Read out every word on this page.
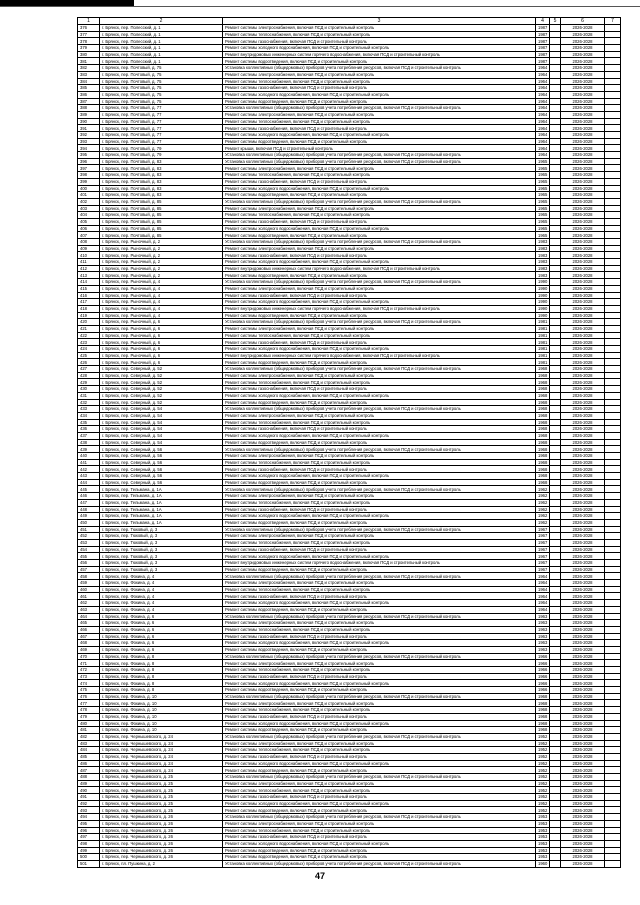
1	2	3	4	5	6	7
376	г. Брянск, пер. Полесский, д. 1	Ремонт системы электроснабжения, включая ПСД и строительный контроль	1987		2026-2028	
377	г. Брянск, пер. Полесский, д. 1	Ремонт системы теплоснабжения, включая ПСД и строительный контроль	1987		2026-2028	
378	г. Брянск, пер. Полесский, д. 1	Ремонт системы газоснабжения, включая ПСД и строительный контроль	1987		2026-2028	
379	г. Брянск, пер. Полесский, д. 1	Ремонт системы холодного водоснабжения, включая ПСД и строительный контроль	1987		2026-2028	
380	г. Брянск, пер. Полесский, д. 1	Ремонт внутридомовых инженерных систем горячего водоснабжения, включая ПСД и строительный контроль	1987		2026-2028	
381	г. Брянск, пер. Полесский, д. 1	Ремонт системы водоотведения, включая ПСД и строительный контроль	1987		2026-2028	
382	г. Брянск, пер. Почтовый, д. 75	Установка коллективных (общедомовых) приборов учета потребления ресурсов, включая ПСД и строительный контроль	1964		2026-2028	
383	г. Брянск, пер. Почтовый, д. 75	Ремонт системы электроснабжения, включая ПСД и строительный контроль	1964		2026-2028	
384	г. Брянск, пер. Почтовый, д. 75	Ремонт системы теплоснабжения, включая ПСД и строительный контроль	1964		2026-2028	
385	г. Брянск, пер. Почтовый, д. 75	Ремонт системы газоснабжения, включая ПСД и строительный контроль	1964		2026-2028	
386	г. Брянск, пер. Почтовый, д. 75	Ремонт системы холодного водоснабжения, включая ПСД и строительный контроль	1964		2026-2028	
387	г. Брянск, пер. Почтовый, д. 75	Ремонт системы водоотведения, включая ПСД и строительный контроль	1964		2026-2028	
388	г. Брянск, пер. Почтовый, д. 77	Установка коллективных (общедомовых) приборов учета потребления ресурсов, включая ПСД и строительный контроль	1964		2026-2028	
389	г. Брянск, пер. Почтовый, д. 77	Ремонт системы электроснабжения, включая ПСД и строительный контроль	1964		2026-2028	
390	г. Брянск, пер. Почтовый, д. 77	Ремонт системы теплоснабжения, включая ПСД и строительный контроль	1964		2026-2028	
391	г. Брянск, пер. Почтовый, д. 77	Ремонт системы газоснабжения, включая ПСД и строительный контроль	1964		2026-2028	
392	г. Брянск, пер. Почтовый, д. 77	Ремонт системы холодного водоснабжения, включая ПСД и строительный контроль	1964		2026-2028	
393	г. Брянск, пер. Почтовый, д. 77	Ремонт системы водоотведения, включая ПСД и строительный контроль	1964		2026-2028	
394	г. Брянск, пер. Почтовый, д. 79	Ремонт крыши, включая ПСД и строительный контроль	1964		2026-2028	
395	г. Брянск, пер. Почтовый, д. 79	Установка коллективных (общедомовых) приборов учета потребления ресурсов, включая ПСД и строительный контроль	1964		2026-2028	
396	г. Брянск, пер. Почтовый, д. 83	Установка коллективных (общедомовых) приборов учета потребления ресурсов, включая ПСД и строительный контроль	1965		2026-2028	
397	г. Брянск, пер. Почтовый, д. 83	Ремонт системы электроснабжения, включая ПСД и строительный контроль	1965		2026-2028	
398	г. Брянск, пер. Почтовый, д. 83	Ремонт системы теплоснабжения, включая ПСД и строительный контроль	1965		2026-2028	
399	г. Брянск, пер. Почтовый, д. 83	Ремонт системы газоснабжения, включая ПСД и строительный контроль	1965		2026-2028	
400	г. Брянск, пер. Почтовый, д. 83	Ремонт системы холодного водоснабжения, включая ПСД и строительный контроль	1965		2026-2028	
401	г. Брянск, пер. Почтовый, д. 83	Ремонт системы водоотведения, включая ПСД и строительный контроль	1965		2026-2028	
402	г. Брянск, пер. Почтовый, д. 85	Установка коллективных (общедомовых) приборов учета потребления ресурсов, включая ПСД и строительный контроль	1965		2026-2028	
403	г. Брянск, пер. Почтовый, д. 85	Ремонт системы электроснабжения, включая ПСД и строительный контроль	1965		2026-2028	
404	г. Брянск, пер. Почтовый, д. 85	Ремонт системы теплоснабжения, включая ПСД и строительный контроль	1965		2026-2028	
405	г. Брянск, пер. Почтовый, д. 85	Ремонт системы газоснабжения, включая ПСД и строительный контроль	1965		2026-2028	
406	г. Брянск, пер. Почтовый, д. 85	Ремонт системы холодного водоснабжения, включая ПСД и строительный контроль	1965		2026-2028	
407	г. Брянск, пер. Почтовый, д. 85	Ремонт системы водоотведения, включая ПСД и строительный контроль	1965		2026-2028	
408	г. Брянск, пер. Рыночный, д. 2	Установка коллективных (общедомовых) приборов учета потребления ресурсов, включая ПСД и строительный контроль	1983		2026-2028	
409	г. Брянск, пер. Рыночный, д. 2	Ремонт системы электроснабжения, включая ПСД и строительный контроль	1983		2026-2028	
410	г. Брянск, пер. Рыночный, д. 2	Ремонт системы газоснабжения, включая ПСД и строительный контроль	1983		2026-2028	
411	г. Брянск, пер. Рыночный, д. 2	Ремонт системы холодного водоснабжения, включая ПСД и строительный контроль	1983		2026-2028	
412	г. Брянск, пер. Рыночный, д. 2	Ремонт внутридомовых инженерных систем горячего водоснабжения, включая ПСД и строительный контроль	1983		2026-2028	
413	г. Брянск, пер. Рыночный, д. 2	Ремонт системы водоотведения, включая ПСД и строительный контроль	1983		2026-2028	
414	г. Брянск, пер. Рыночный, д. 4	Установка коллективных (общедомовых) приборов учета потребления ресурсов, включая ПСД и строительный контроль	1990		2026-2028	
415	г. Брянск, пер. Рыночный, д. 4	Ремонт системы электроснабжения, включая ПСД и строительный контроль	1990		2026-2028	
416	г. Брянск, пер. Рыночный, д. 4	Ремонт системы газоснабжения, включая ПСД и строительный контроль	1990		2026-2028	
417	г. Брянск, пер. Рыночный, д. 4	Ремонт системы холодного водоснабжения, включая ПСД и строительный контроль	1990		2026-2028	
418	г. Брянск, пер. Рыночный, д. 4	Ремонт внутридомовых инженерных систем горячего водоснабжения, включая ПСД и строительный контроль	1990		2026-2028	
419	г. Брянск, пер. Рыночный, д. 4	Ремонт системы водоотведения, включая ПСД и строительный контроль	1990		2026-2028	
420	г. Брянск, пер. Рыночный, д. 6	Установка коллективных (общедомовых) приборов учета потребления ресурсов, включая ПСД и строительный контроль	1981		2026-2028	
421	г. Брянск, пер. Рыночный, д. 6	Ремонт системы электроснабжения, включая ПСД и строительный контроль	1981		2026-2028	
422	г. Брянск, пер. Рыночный, д. 6	Ремонт системы теплоснабжения, включая ПСД и строительный контроль	1981		2026-2028	
423	г. Брянск, пер. Рыночный, д. 6	Ремонт системы газоснабжения, включая ПСД и строительный контроль	1981		2026-2028	
424	г. Брянск, пер. Рыночный, д. 6	Ремонт системы холодного водоснабжения, включая ПСД и строительный контроль	1981		2026-2028	
425	г. Брянск, пер. Рыночный, д. 6	Ремонт внутридомовых инженерных систем горячего водоснабжения, включая ПСД и строительный контроль	1981		2026-2028	
426	г. Брянск, пер. Рыночный, д. 6	Ремонт системы водоотведения, включая ПСД и строительный контроль	1981		2026-2028	
427	г. Брянск, пер. Северный, д. 52	Установка коллективных (общедомовых) приборов учета потребления ресурсов, включая ПСД и строительный контроль	1968		2026-2028	
428	г. Брянск, пер. Северный, д. 52	Ремонт системы электроснабжения, включая ПСД и строительный контроль	1968		2026-2028	
429	г. Брянск, пер. Северный, д. 52	Ремонт системы теплоснабжения, включая ПСД и строительный контроль	1968		2026-2028	
430	г. Брянск, пер. Северный, д. 52	Ремонт системы газоснабжения, включая ПСД и строительный контроль	1968		2026-2028	
431	г. Брянск, пер. Северный, д. 52	Ремонт системы холодного водоснабжения, включая ПСД и строительный контроль	1968		2026-2028	
432	г. Брянск, пер. Северный, д. 52	Ремонт системы водоотведения, включая ПСД и строительный контроль	1968		2026-2028	
433	г. Брянск, пер. Северный, д. 54	Установка коллективных (общедомовых) приборов учета потребления ресурсов, включая ПСД и строительный контроль	1968		2026-2028	
434	г. Брянск, пер. Северный, д. 54	Ремонт системы электроснабжения, включая ПСД и строительный контроль	1968		2026-2028	
435	г. Брянск, пер. Северный, д. 54	Ремонт системы теплоснабжения, включая ПСД и строительный контроль	1968		2026-2028	
436	г. Брянск, пер. Северный, д. 54	Ремонт системы газоснабжения, включая ПСД и строительный контроль	1968		2026-2028	
437	г. Брянск, пер. Северный, д. 54	Ремонт системы холодного водоснабжения, включая ПСД и строительный контроль	1968		2026-2028	
438	г. Брянск, пер. Северный, д. 54	Ремонт системы водоотведения, включая ПСД и строительный контроль	1968		2026-2028	
439	г. Брянск, пер. Северный, д. 56	Установка коллективных (общедомовых) приборов учета потребления ресурсов, включая ПСД и строительный контроль	1968		2026-2028	
440	г. Брянск, пер. Северный, д. 56	Ремонт системы электроснабжения, включая ПСД и строительный контроль	1968		2026-2028	
441	г. Брянск, пер. Северный, д. 56	Ремонт системы теплоснабжения, включая ПСД и строительный контроль	1968		2026-2028	
442	г. Брянск, пер. Северный, д. 56	Ремонт системы газоснабжения, включая ПСД и строительный контроль	1968		2026-2028	
443	г. Брянск, пер. Северный, д. 56	Ремонт системы холодного водоснабжения, включая ПСД и строительный контроль	1968		2026-2028	
444	г. Брянск, пер. Северный, д. 56	Ремонт системы водоотведения, включая ПСД и строительный контроль	1968		2026-2028	
445	г. Брянск, пер. Тельмана, д. 1А	Установка коллективных (общедомовых) приборов учета потребления ресурсов, включая ПСД и строительный контроль	1962		2026-2028	
446	г. Брянск, пер. Тельмана, д. 1А	Ремонт системы электроснабжения, включая ПСД и строительный контроль	1962		2026-2028	
447	г. Брянск, пер. Тельмана, д. 1А	Ремонт системы теплоснабжения, включая ПСД и строительный контроль	1962		2026-2028	
448	г. Брянск, пер. Тельмана, д. 1А	Ремонт системы газоснабжения, включая ПСД и строительный контроль	1962		2026-2028	
449	г. Брянск, пер. Тельмана, д. 1А	Ремонт системы холодного водоснабжения, включая ПСД и строительный контроль	1962		2026-2028	
450	г. Брянск, пер. Тельмана, д. 1А	Ремонт системы водоотведения, включая ПСД и строительный контроль	1962		2026-2028	
451	г. Брянск, пер. Тюковый, д. 3	Установка коллективных (общедомовых) приборов учета потребления ресурсов, включая ПСД и строительный контроль	1967		2026-2028	
452	г. Брянск, пер. Тюковый, д. 3	Ремонт системы электроснабжения, включая ПСД и строительный контроль	1967		2026-2028	
453	г. Брянск, пер. Тюковый, д. 3	Ремонт системы теплоснабжения, включая ПСД и строительный контроль	1967		2026-2028	
454	г. Брянск, пер. Тюковый, д. 3	Ремонт системы газоснабжения, включая ПСД и строительный контроль	1967		2026-2028	
455	г. Брянск, пер. Тюковый, д. 3	Ремонт системы холодного водоснабжения, включая ПСД и строительный контроль	1967		2026-2028	
456	г. Брянск, пер. Тюковый, д. 3	Ремонт внутридомовых инженерных систем горячего водоснабжения, включая ПСД и строительный контроль	1967		2026-2028	
457	г. Брянск, пер. Тюковый, д. 3	Ремонт системы водоотведения, включая ПСД и строительный контроль	1967		2026-2028	
458	г. Брянск, пер. Фокина, д. 4	Установка коллективных (общедомовых) приборов учета потребления ресурсов, включая ПСД и строительный контроль	1964		2026-2028	
459	г. Брянск, пер. Фокина, д. 4	Ремонт системы электроснабжения, включая ПСД и строительный контроль	1964		2026-2028	
460	г. Брянск, пер. Фокина, д. 4	Ремонт системы теплоснабжения, включая ПСД и строительный контроль	1964		2026-2028	
461	г. Брянск, пер. Фокина, д. 4	Ремонт системы газоснабжения, включая ПСД и строительный контроль	1964		2026-2028	
462	г. Брянск, пер. Фокина, д. 4	Ремонт системы холодного водоснабжения, включая ПСД и строительный контроль	1964		2026-2028	
463	г. Брянск, пер. Фокина, д. 4	Ремонт системы водоотведения, включая ПСД и строительный контроль	1964		2026-2028	
464	г. Брянск, пер. Фокина, д. 6	Установка коллективных (общедомовых) приборов учета потребления ресурсов, включая ПСД и строительный контроль	1963		2026-2028	
465	г. Брянск, пер. Фокина, д. 6	Ремонт системы электроснабжения, включая ПСД и строительный контроль	1963		2026-2028	
466	г. Брянск, пер. Фокина, д. 6	Ремонт системы теплоснабжения, включая ПСД и строительный контроль	1963		2026-2028	
467	г. Брянск, пер. Фокина, д. 6	Ремонт системы газоснабжения, включая ПСД и строительный контроль	1963		2026-2028	
468	г. Брянск, пер. Фокина, д. 6	Ремонт системы холодного водоснабжения, включая ПСД и строительный контроль	1963		2026-2028	
469	г. Брянск, пер. Фокина, д. 6	Ремонт системы водоотведения, включая ПСД и строительный контроль	1963		2026-2028	
470	г. Брянск, пер. Фокина, д. 8	Установка коллективных (общедомовых) приборов учета потребления ресурсов, включая ПСД и строительный контроль	1966		2026-2028	
471	г. Брянск, пер. Фокина, д. 8	Ремонт системы электроснабжения, включая ПСД и строительный контроль	1966		2026-2028	
472	г. Брянск, пер. Фокина, д. 8	Ремонт системы теплоснабжения, включая ПСД и строительный контроль	1966		2026-2028	
473	г. Брянск, пер. Фокина, д. 8	Ремонт системы газоснабжения, включая ПСД и строительный контроль	1966		2026-2028	
474	г. Брянск, пер. Фокина, д. 8	Ремонт системы холодного водоснабжения, включая ПСД и строительный контроль	1966		2026-2028	
475	г. Брянск, пер. Фокина, д. 8	Ремонт системы водоотведения, включая ПСД и строительный контроль	1966		2026-2028	
476	г. Брянск, пер. Фокина, д. 10	Установка коллективных (общедомовых) приборов учета потребления ресурсов, включая ПСД и строительный контроль	1968		2026-2028	
477	г. Брянск, пер. Фокина, д. 10	Ремонт системы электроснабжения, включая ПСД и строительный контроль	1968		2026-2028	
478	г. Брянск, пер. Фокина, д. 10	Ремонт системы теплоснабжения, включая ПСД и строительный контроль	1968		2026-2028	
479	г. Брянск, пер. Фокина, д. 10	Ремонт системы газоснабжения, включая ПСД и строительный контроль	1968		2026-2028	
480	г. Брянск, пер. Фокина, д. 10	Ремонт системы холодного водоснабжения, включая ПСД и строительный контроль	1968		2026-2028	
481	г. Брянск, пер. Фокина, д. 10	Ремонт системы водоотведения, включая ПСД и строительный контроль	1968		2026-2028	
482	г. Брянск, пер. Чернышевского, д. 24	Установка коллективных (общедомовых) приборов учета потребления ресурсов, включая ПСД и строительный контроль	1952		2026-2028	
483	г. Брянск, пер. Чернышевского, д. 24	Ремонт системы электроснабжения, включая ПСД и строительный контроль	1952		2026-2028	
484	г. Брянск, пер. Чернышевского, д. 24	Ремонт системы теплоснабжения, включая ПСД и строительный контроль	1952		2026-2028	
485	г. Брянск, пер. Чернышевского, д. 24	Ремонт системы газоснабжения, включая ПСД и строительный контроль	1952		2026-2028	
486	г. Брянск, пер. Чернышевского, д. 24	Ремонт системы холодного водоснабжения, включая ПСД и строительный контроль	1952		2026-2028	
487	г. Брянск, пер. Чернышевского, д. 24	Ремонт системы водоотведения, включая ПСД и строительный контроль	1952		2026-2028	
488	г. Брянск, пер. Чернышевского, д. 25	Установка коллективных (общедомовых) приборов учета потребления ресурсов, включая ПСД и строительный контроль	1952		2026-2028	
489	г. Брянск, пер. Чернышевского, д. 25	Ремонт системы электроснабжения, включая ПСД и строительный контроль	1952		2026-2028	
490	г. Брянск, пер. Чернышевского, д. 25	Ремонт системы теплоснабжения, включая ПСД и строительный контроль	1952		2026-2028	
491	г. Брянск, пер. Чернышевского, д. 25	Ремонт системы газоснабжения, включая ПСД и строительный контроль	1952		2026-2028	
492	г. Брянск, пер. Чернышевского, д. 25	Ремонт системы холодного водоснабжения, включая ПСД и строительный контроль	1952		2026-2028	
493	г. Брянск, пер. Чернышевского, д. 25	Ремонт системы водоотведения, включая ПСД и строительный контроль	1952		2026-2028	
494	г. Брянск, пер. Чернышевского, д. 26	Установка коллективных (общедомовых) приборов учета потребления ресурсов, включая ПСД и строительный контроль	1953		2026-2028	
495	г. Брянск, пер. Чернышевского, д. 26	Ремонт системы электроснабжения, включая ПСД и строительный контроль	1953		2026-2028	
496	г. Брянск, пер. Чернышевского, д. 26	Ремонт системы теплоснабжения, включая ПСД и строительный контроль	1953		2026-2028	
497	г. Брянск, пер. Чернышевского, д. 26	Ремонт системы газоснабжения, включая ПСД и строительный контроль	1953		2026-2028	
498	г. Брянск, пер. Чернышевского, д. 26	Ремонт системы холодного водоснабжения, включая ПСД и строительный контроль	1953		2026-2028	
499	г. Брянск, пер. Чернышевского, д. 26	Ремонт системы водоотведения, включая ПСД и строительный контроль	1953		2026-2028	
500	г. Брянск, пер. Чернышевского, д. 26	Ремонт системы водоотведения, включая ПСД и строительный контроль	1953		2026-2028	
501	г. Брянск, пл. Пушкина, д. 2	Установка коллективных (общедомовых) приборов учета потребления ресурсов, включая ПСД и строительный контроль	1960		2026-2028	
47
